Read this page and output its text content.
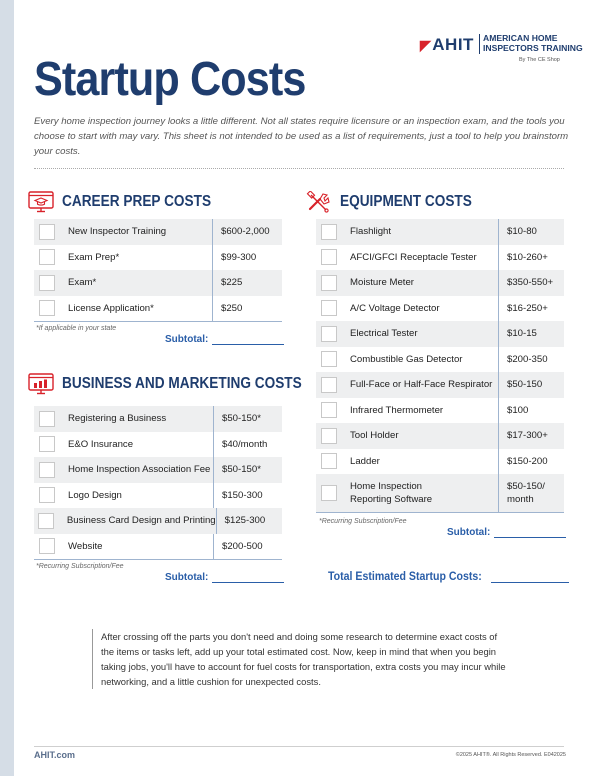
◤AHIT AMERICAN HOME
INSPECTORS TRAINING
By The CE Shop
Startup Costs
Every home inspection journey looks a little different. Not all states require licensure or an inspection exam, and the tools you choose to start with may vary. This sheet is not intended to be used as a list of requirements, just a tool to help you brainstorm your costs.
CAREER PREP COSTS
New Inspector Training	$600-2,000
Exam Prep*	$99-300
Exam*	$225
License Application*	$250
*If applicable in your state
Subtotal:
BUSINESS AND MARKETING COSTS
Registering a Business	$50-150*
E&O Insurance	$40/month
Home Inspection Association Fee	$50-150*
Logo Design	$150-300
Business Card Design and Printing $125-300
Website	$200-500
*Recurring Subscription/Fee
Subtotal:
EQUIPMENT COSTS
Flashlight	$10-80
AFCI/GFCI Receptacle Tester	$10-260+
Moisture Meter	$350-550+
A/C Voltage Detector	$16-250+
Electrical Tester	$10-15
Combustible Gas Detector	$200-350
Full-Face or Half-Face Respirator	$50-150
Infrared Thermometer	$100
Tool Holder	$17-300+
Ladder	$150-200
Home Inspection
Reporting Software
$50-150/
month
*Recurring Subscription/Fee
Subtotal:
Total Estimated Startup Costs:
After crossing off the parts you don't need and doing some research to determine exact costs of the items or tasks left, add up your total estimated cost. Now, keep in mind that when you begin taking jobs, you'll have to account for fuel costs for transportation, extra costs you may incur while networking, and a little cushion for unexpected costs.
AHIT.com	©2025 AHIT®. All Rights Reserved. E042025
